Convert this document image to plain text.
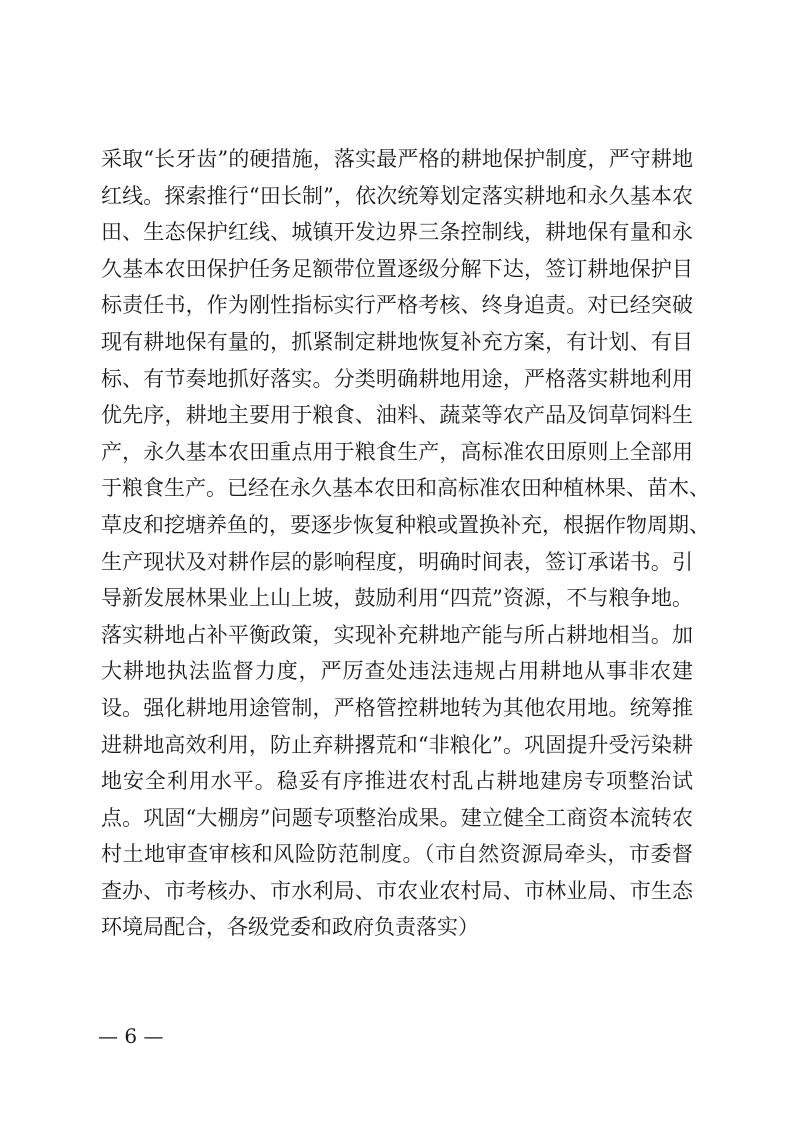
采取“长牙齿”的硬措施，落实最严格的耕地保护制度，严守耕地
红线。探索推行“田长制”，依次统筹划定落实耕地和永久基本农
田、生态保护红线、城镇开发边界三条控制线，耕地保有量和永
久基本农田保护任务足额带位置逐级分解下达，签订耕地保护目
标责任书，作为刚性指标实行严格考核、终身追责。对已经突破
现有耕地保有量的，抓紧制定耕地恢复补充方案，有计划、有目
标、有节奏地抓好落实。分类明确耕地用途，严格落实耕地利用
优先序，耕地主要用于粮食、油料、蔬菜等农产品及饲草饲料生
产，永久基本农田重点用于粮食生产，高标准农田原则上全部用
于粮食生产。已经在永久基本农田和高标准农田种植林果、苗木、
草皮和挖塘养鱼的，要逐步恢复种粮或置换补充，根据作物周期、
生产现状及对耕作层的影响程度，明确时间表，签订承诺书。引
导新发展林果业上山上坡，鼓励利用“四荒”资源，不与粮争地。
落实耕地占补平衡政策，实现补充耕地产能与所占耕地相当。加
大耕地执法监督力度，严厉查处违法违规占用耕地从事非农建
设。强化耕地用途管制，严格管控耕地转为其他农用地。统筹推
进耕地高效利用，防止弃耕撂荒和“非粮化”。巩固提升受污染耕
地安全利用水平。稳妥有序推进农村乱占耕地建房专项整治试
点。巩固“大棚房”问题专项整治成果。建立健全工商资本流转农
村土地审查审核和风险防范制度。（市自然资源局牵头，市委督
查办、市考核办、市水利局、市农业农村局、市林业局、市生态
环境局配合，各级党委和政府负责落实）
— 6 —
